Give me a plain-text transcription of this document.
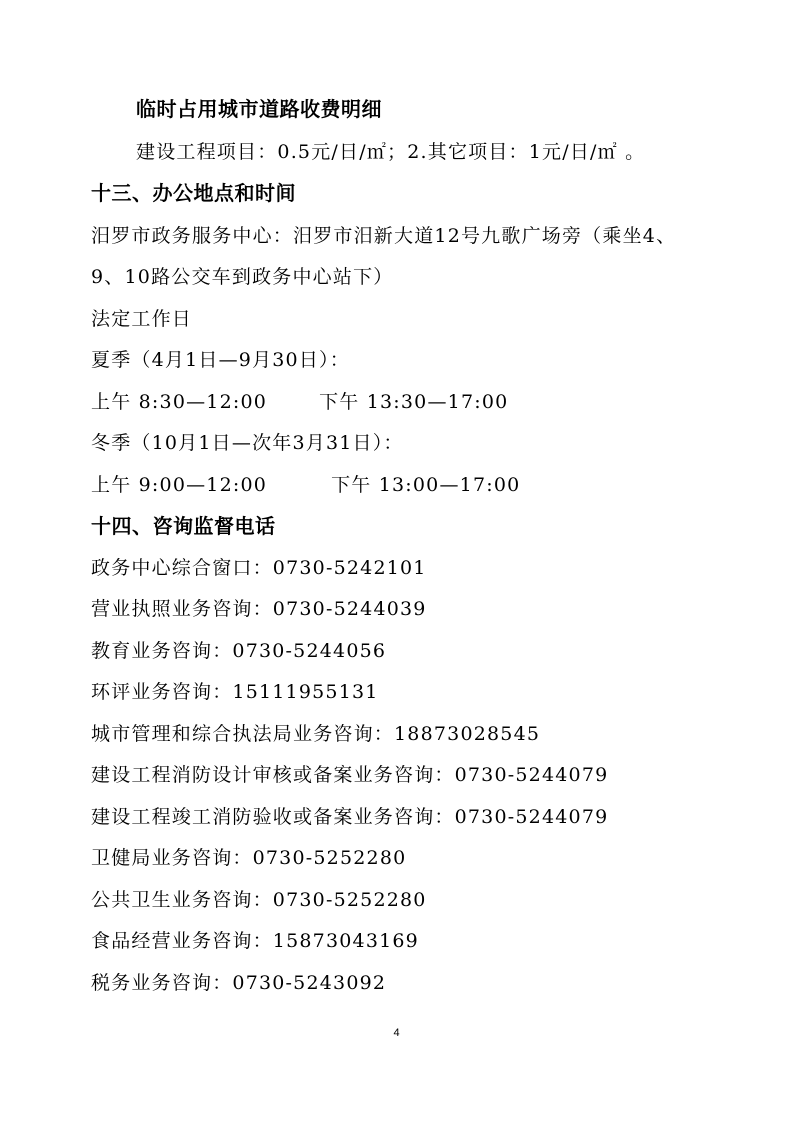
临时占用城市道路收费明细
建设工程项目：0.5元/日/㎡；2.其它项目：1元/日/㎡ 。
十三、办公地点和时间
汨罗市政务服务中心：汨罗市汨新大道12号九歌广场旁（乘坐4、
9、10路公交车到政务中心站下）
法定工作日
夏季（4月1日—9月30日）：
上午 8:30—12:00	下午 13:30—17:00
冬季（10月1日—次年3月31日）：
上午 9:00—12:00	下午 13:00—17:00
十四、咨询监督电话
政务中心综合窗口：0730-5242101
营业执照业务咨询：0730-5244039
教育业务咨询：0730-5244056
环评业务咨询：15111955131
城市管理和综合执法局业务咨询：18873028545
建设工程消防设计审核或备案业务咨询：0730-5244079
建设工程竣工消防验收或备案业务咨询：0730-5244079
卫健局业务咨询：0730-5252280
公共卫生业务咨询：0730-5252280
食品经营业务咨询：15873043169
税务业务咨询：0730-5243092
4
